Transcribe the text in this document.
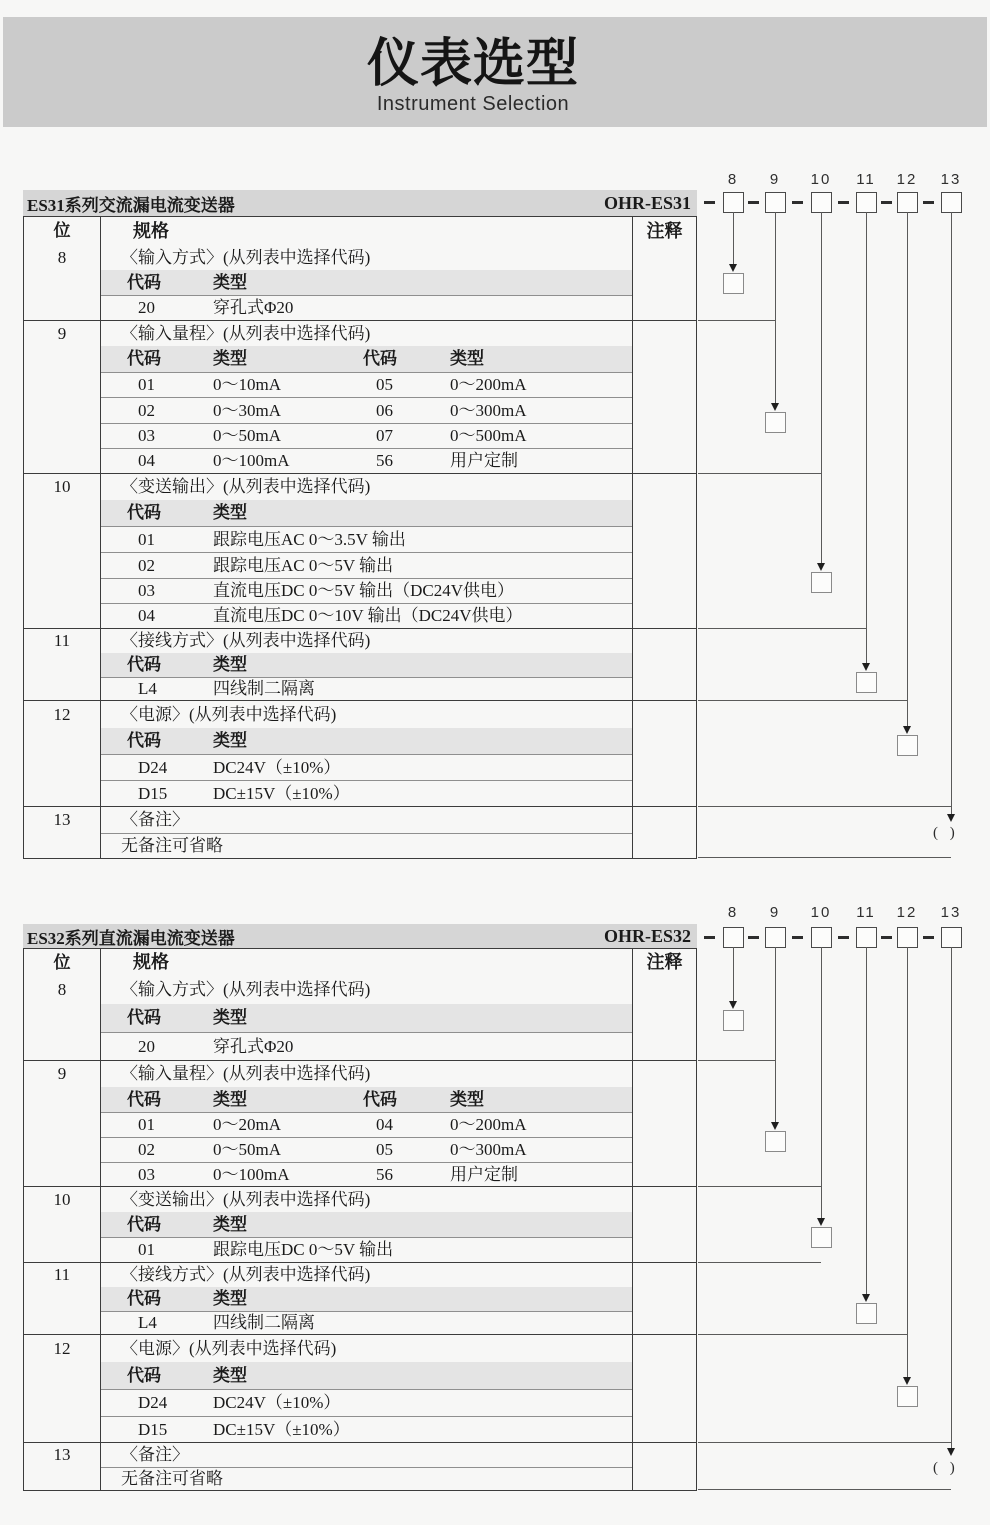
仪表选型
Instrument Selection
ES31系列交流漏电流变送器	OHR-ES31
位	规格	注释
8	〈输入方式〉(从列表中选择代码)
代码	类型
20	穿孔式Φ20
9	〈输入量程〉(从列表中选择代码)
代码	类型	代码	类型
01	0～10mA	05	0～200mA
02	0～30mA	06	0～300mA
03	0～50mA	07	0～500mA
04	0～100mA	56	用户定制
10	〈变送输出〉(从列表中选择代码)
代码	类型
01	跟踪电压AC 0～3.5V 输出
02	跟踪电压AC 0～5V 输出
03	直流电压DC 0～5V 输出（DC24V供电）
04	直流电压DC 0～10V 输出（DC24V供电）
11	〈接线方式〉(从列表中选择代码)
代码	类型
L4	四线制二隔离
12	〈电源〉(从列表中选择代码)
代码	类型
D24	DC24V（±10%）
D15	DC±15V（±10%）
13	〈备注〉
无备注可省略
ES32系列直流漏电流变送器	OHR-ES32
位	规格	注释
8	〈输入方式〉(从列表中选择代码)
代码	类型
20	穿孔式Φ20
9	〈输入量程〉(从列表中选择代码)
代码	类型	代码	类型
01	0～20mA	04	0～200mA
02	0～50mA	05	0～300mA
03	0～100mA	56	用户定制
10	〈变送输出〉(从列表中选择代码)
代码	类型
01	跟踪电压DC 0～5V 输出
11	〈接线方式〉(从列表中选择代码)
代码	类型
L4	四线制二隔离
12	〈电源〉(从列表中选择代码)
代码	类型
D24	DC24V（±10%）
D15	DC±15V（±10%）
13	〈备注〉
无备注可省略
8	9	10	11	12	13
( )
8	9	10	11	12	13
( )
